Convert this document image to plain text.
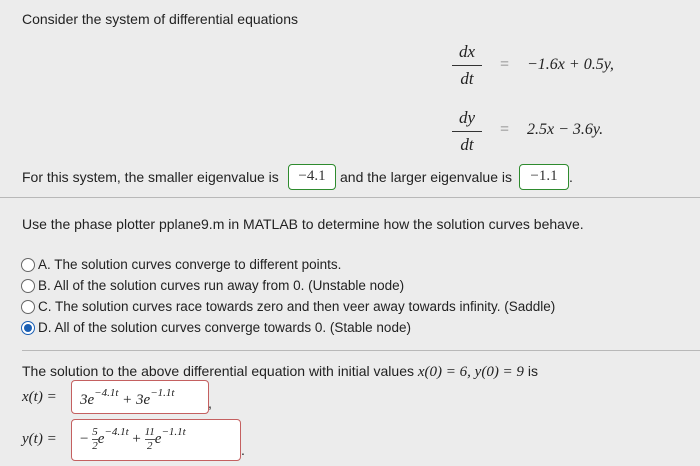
Consider the system of differential equations
dx
dt
= −1.6x + 0.5y,
dy
dt
= 2.5x − 3.6y.
For this system, the smaller eigenvalue is	−4.1	and the larger eigenvalue is	−1.1 .
Use the phase plotter pplane9.m in MATLAB to determine how the solution curves behave.
A. The solution curves converge to different points.
B. All of the solution curves run away from 0. (Unstable node)
C. The solution curves race towards zero and then veer away towards infinity. (Saddle)
D. All of the solution curves converge towards 0. (Stable node)
The solution to the above differential equation with initial values x(0) = 6, y(0) = 9 is
$x(t) = 3e^{-4.1t} + 3e^{-1.1t}$
,
y(t) = − $\frac{5}{2} e^{-4.1t} + \frac{11}{2} e^{-1.1t}$
.
